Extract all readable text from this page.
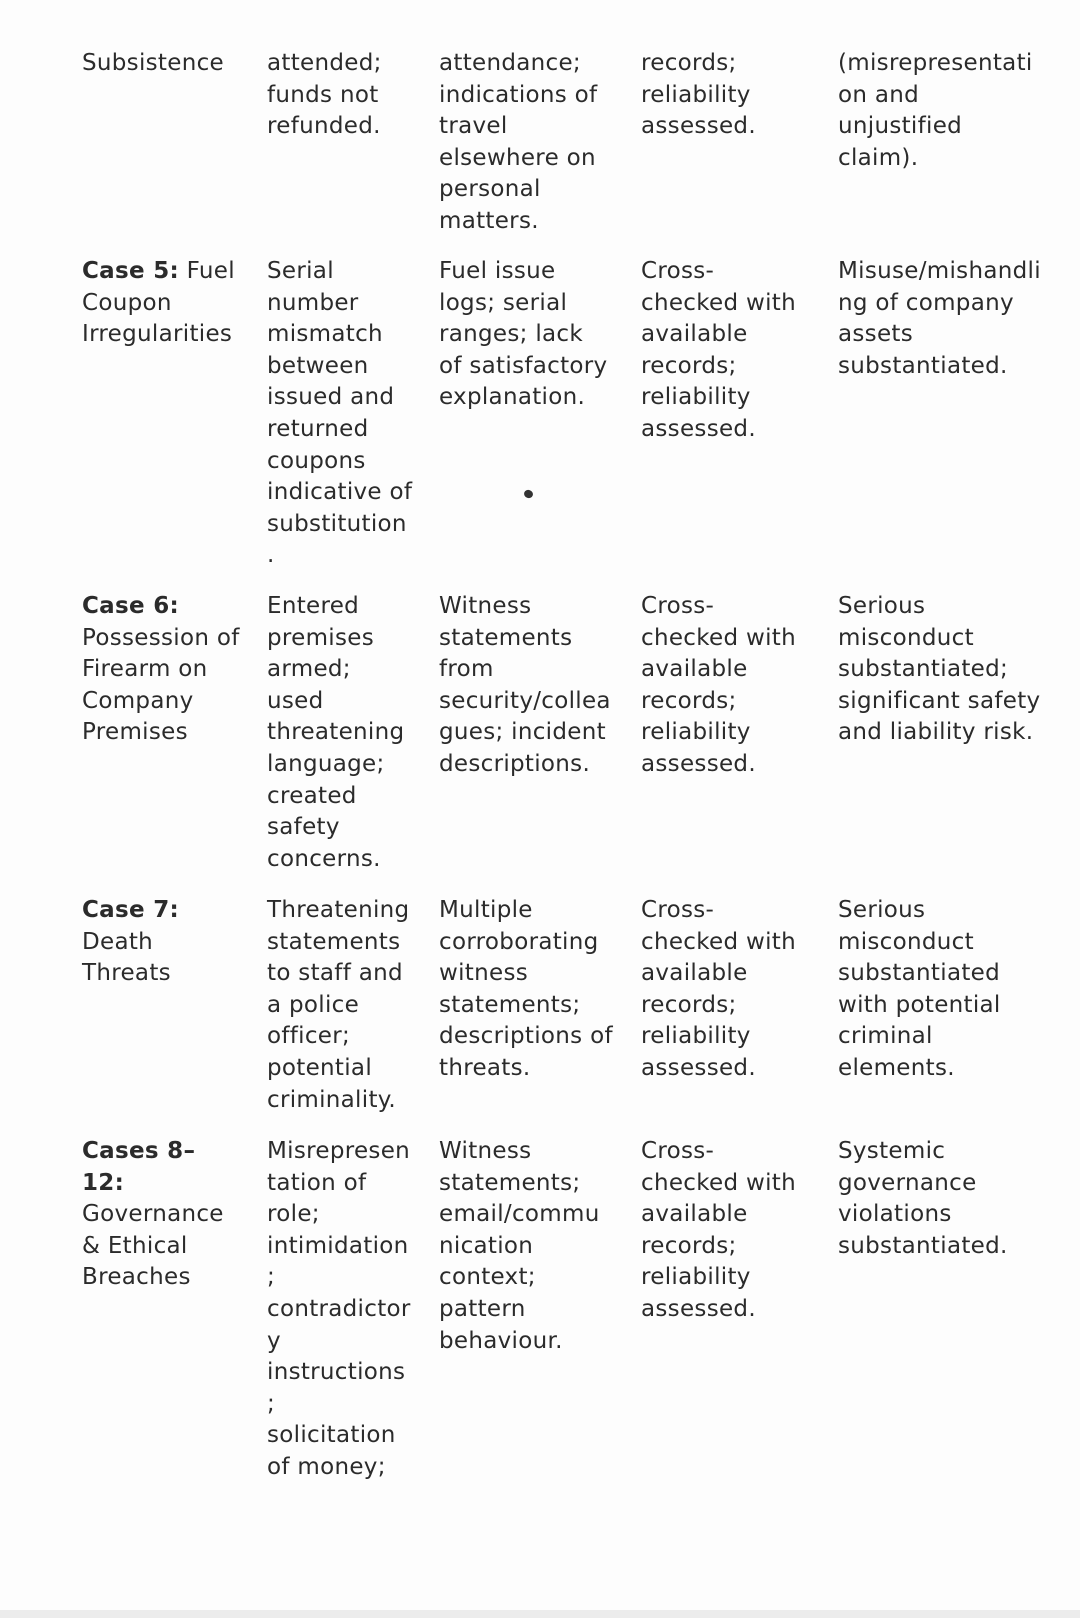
Subsistence	attended;
funds not
refunded.
attendance;
indications of
travel
elsewhere on
personal
matters.
records;
reliability
assessed.
(misrepresentati
on and
unjustified
claim).
Case 5: Fuel
Coupon
Irregularities
Serial
number
mismatch
between
issued and
returned
coupons
indicative of
substitution
.
Fuel issue
logs; serial
ranges; lack
of satisfactory
explanation.
Cross-
checked with
available
records;
reliability
assessed.
Misuse/mishandli
ng of company
assets
substantiated.
Case 6:
Possession of
Firearm on
Company
Premises
Entered
premises
armed;
used
threatening
language;
created
safety
concerns.
Witness
statements
from
security/collea
gues; incident
descriptions.
Cross-
checked with
available
records;
reliability
assessed.
Serious
misconduct
substantiated;
significant safety
and liability risk.
Case 7:
Death
Threats
Threatening
statements
to staff and
a police
officer;
potential
criminality.
Multiple
corroborating
witness
statements;
descriptions of
threats.
Cross-
checked with
available
records;
reliability
assessed.
Serious
misconduct
substantiated
with potential
criminal
elements.
Cases 8–
12:
Governance
& Ethical
Breaches
Misrepresen
tation of
role;
intimidation
;
contradictor
y
instructions
;
solicitation
of money;
Witness
statements;
email/commu
nication
context;
pattern
behaviour.
Cross-
checked with
available
records;
reliability
assessed.
Systemic
governance
violations
substantiated.
